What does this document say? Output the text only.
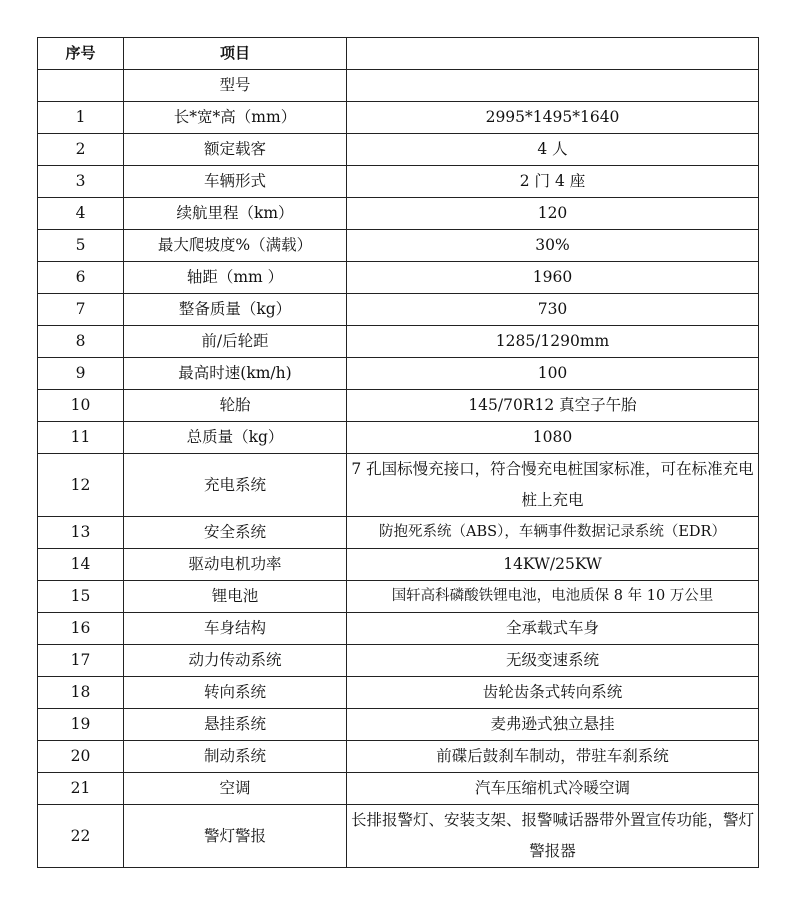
序号	项目	
	型号	
1	长*宽*高（mm）	2995*1495*1640
2	额定载客	4 人
3	车辆形式	2 门 4 座
4	续航里程（km）	120
5	最大爬坡度%（满载）	30%
6	轴距（mm ）	1960
7	整备质量（kg）	730
8	前/后轮距	1285/1290mm
9	最高时速(km/h)	100
10	轮胎	145/70R12 真空子午胎
11	总质量（kg）	1080
12	充电系统	7 孔国标慢充接口，符合慢充电桩国家标准，可在标准充电桩上充电
13	安全系统	防抱死系统（ABS），车辆事件数据记录系统（EDR）
14	驱动电机功率	14KW/25KW
15	锂电池	国轩高科磷酸铁锂电池，电池质保 8 年 10 万公里
16	车身结构	全承载式车身
17	动力传动系统	无级变速系统
18	转向系统	齿轮齿条式转向系统
19	悬挂系统	麦弗逊式独立悬挂
20	制动系统	前碟后鼓刹车制动，带驻车刹系统
21	空调	汽车压缩机式冷暖空调
22	警灯警报	长排报警灯、安装支架、报警喊话器带外置宣传功能，警灯警报器
